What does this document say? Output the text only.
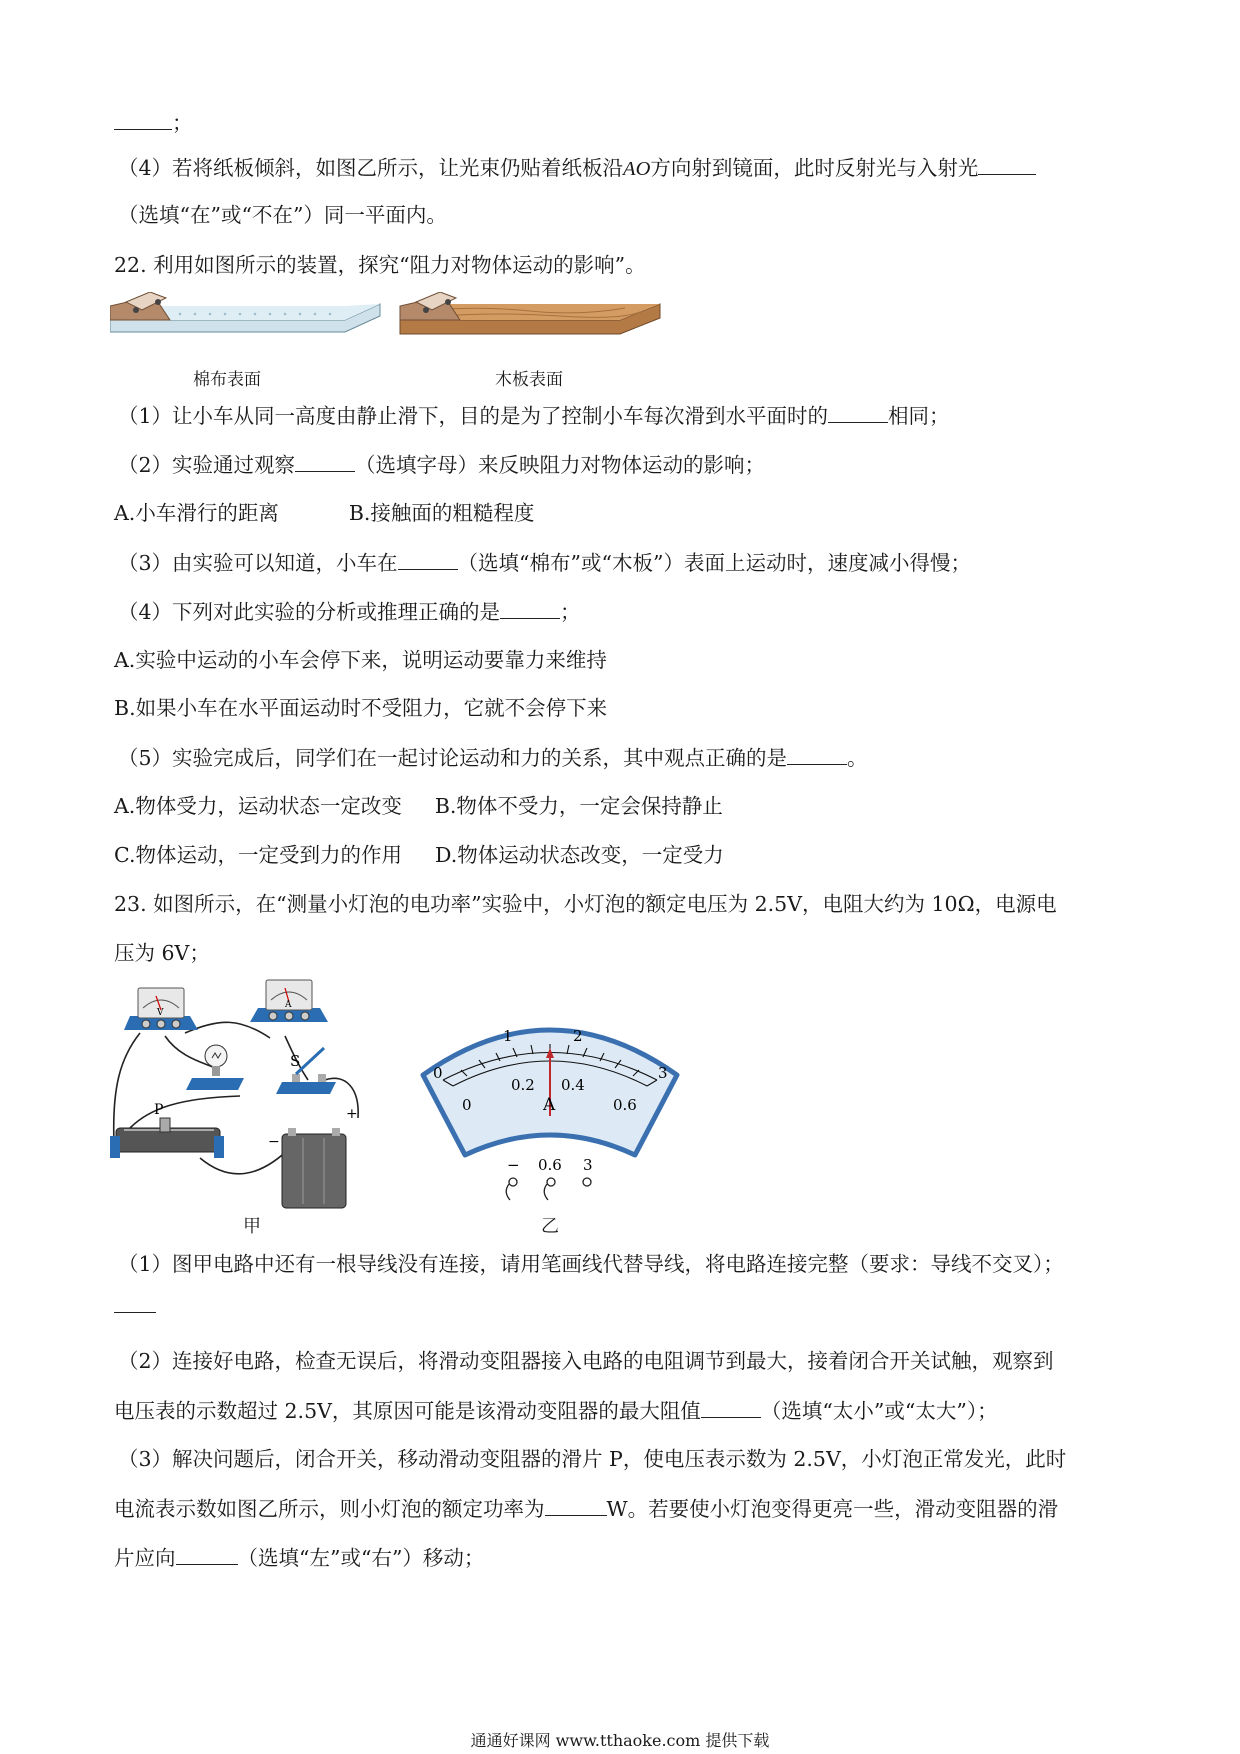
；
（4）若将纸板倾斜，如图乙所示，让光束仍贴着纸板沿AO方向射到镜面，此时反射光与入射光
（选填“在”或“不在”）同一平面内。
22. 利用如图所示的装置，探究“阻力对物体运动的影响”。
棉布表面	木板表面
（1）让小车从同一高度由静止滑下，目的是为了控制小车每次滑到水平面时的	相同；
（2）实验通过观察	（选填字母）来反映阻力对物体运动的影响；
A.小车滑行的距离	B.接触面的粗糙程度
（3）由实验可以知道，小车在	（选填“棉布”或“木板”）表面上运动时，速度减小得慢；
（4）下列对此实验的分析或推理正确的是	；
A.实验中运动的小车会停下来，说明运动要靠力来维持
B.如果小车在水平面运动时不受阻力，它就不会停下来
（5）实验完成后，同学们在一起讨论运动和力的关系，其中观点正确的是	。
A.物体受力，运动状态一定改变 B.物体不受力，一定会保持静止
C.物体运动，一定受到力的作用 D.物体运动状态改变，一定受力
23. 如图所示，在“测量小灯泡的电功率”实验中，小灯泡的额定电压为 2.5V，电阻大约为 10Ω，电源电
压为 6V；
V
A
S
P
−
+
甲
0
1	2
3
0
0.2 0.4
0.6
A
− 0.6 3
乙
（1）图甲电路中还有一根导线没有连接，请用笔画线代替导线，将电路连接完整（要求：导线不交叉）；
（2）连接好电路，检查无误后，将滑动变阻器接入电路的电阻调节到最大，接着闭合开关试触，观察到
电压表的示数超过 2.5V，其原因可能是该滑动变阻器的最大阻值	（选填“太小”或“太大”）；
（3）解决问题后，闭合开关，移动滑动变阻器的滑片 P，使电压表示数为 2.5V，小灯泡正常发光，此时
电流表示数如图乙所示，则小灯泡的额定功率为	W。若要使小灯泡变得更亮一些，滑动变阻器的滑
片应向	（选填“左”或“右”）移动；
通通好课网 www.tthaoke.com 提供下载
